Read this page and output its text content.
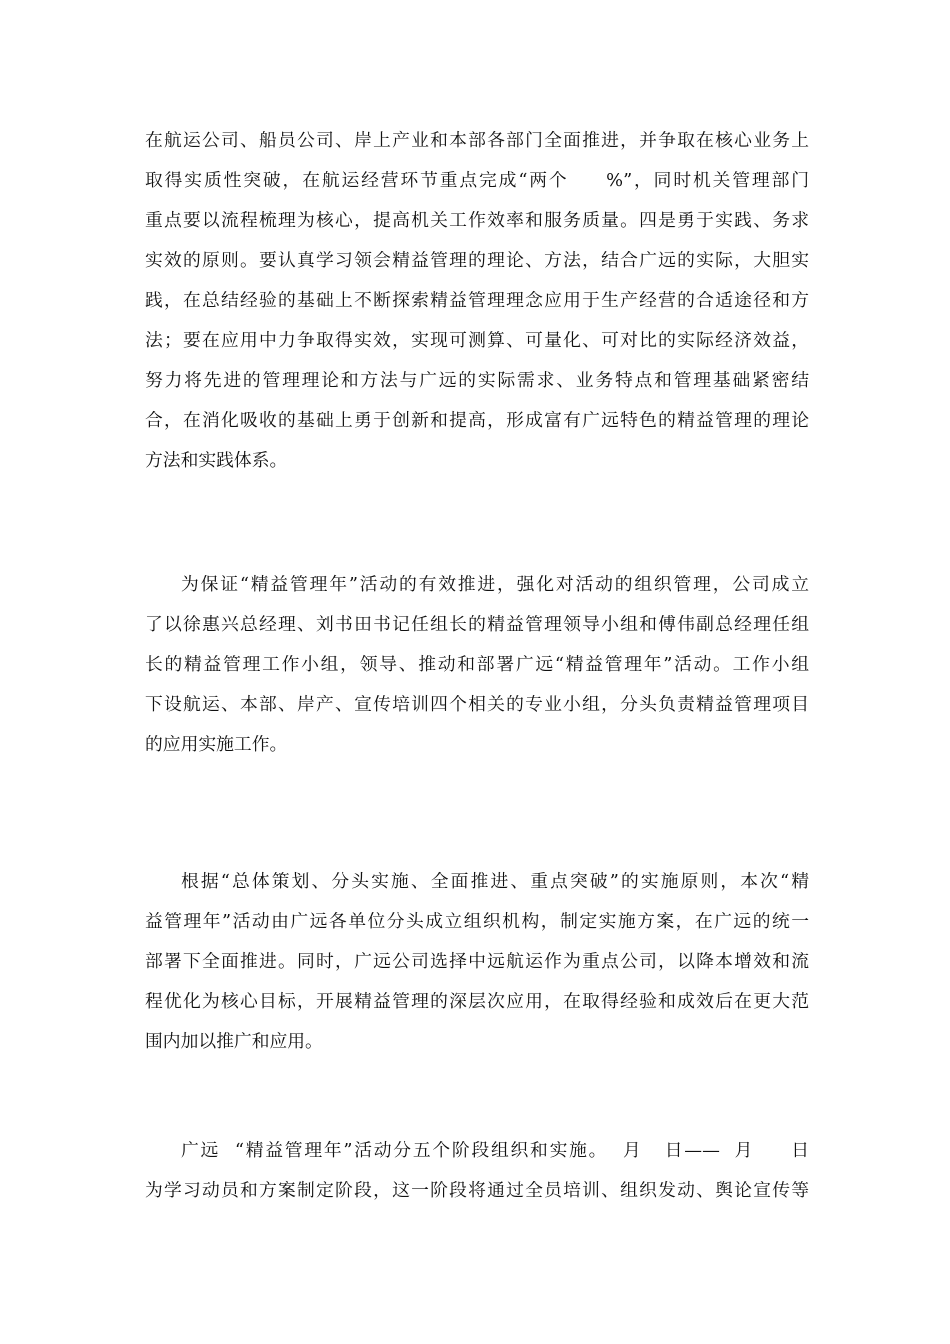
在航运公司、船员公司、岸上产业和本部各部门全面推进，并争取在核心业务上
取得实质性突破，在航运经营环节重点完成“两个     %”，同时机关管理部门
重点要以流程梳理为核心，提高机关工作效率和服务质量。四是勇于实践、务求
实效的原则。要认真学习领会精益管理的理论、方法，结合广远的实际，大胆实
践，在总结经验的基础上不断探索精益管理理念应用于生产经营的合适途径和方
法；要在应用中力争取得实效，实现可测算、可量化、可对比的实际经济效益，
努力将先进的管理理论和方法与广远的实际需求、业务特点和管理基础紧密结
合，在消化吸收的基础上勇于创新和提高，形成富有广远特色的精益管理的理论
方法和实践体系。
为保证“精益管理年”活动的有效推进，强化对活动的组织管理，公司成立
了以徐惠兴总经理、刘书田书记任组长的精益管理领导小组和傅伟副总经理任组
长的精益管理工作小组，领导、推动和部署广远“精益管理年”活动。工作小组
下设航运、本部、岸产、宣传培训四个相关的专业小组，分头负责精益管理项目
的应用实施工作。
根据“总体策划、分头实施、全面推进、重点突破”的实施原则，本次“精
益管理年”活动由广远各单位分头成立组织机构，制定实施方案，在广远的统一
部署下全面推进。同时，广远公司选择中远航运作为重点公司，以降本增效和流
程优化为核心目标，开展精益管理的深层次应用，在取得经验和成效后在更大范
围内加以推广和应用。
广远  “精益管理年”活动分五个阶段组织和实施。  月   日——  月     日
为学习动员和方案制定阶段，这一阶段将通过全员培训、组织发动、舆论宣传等
